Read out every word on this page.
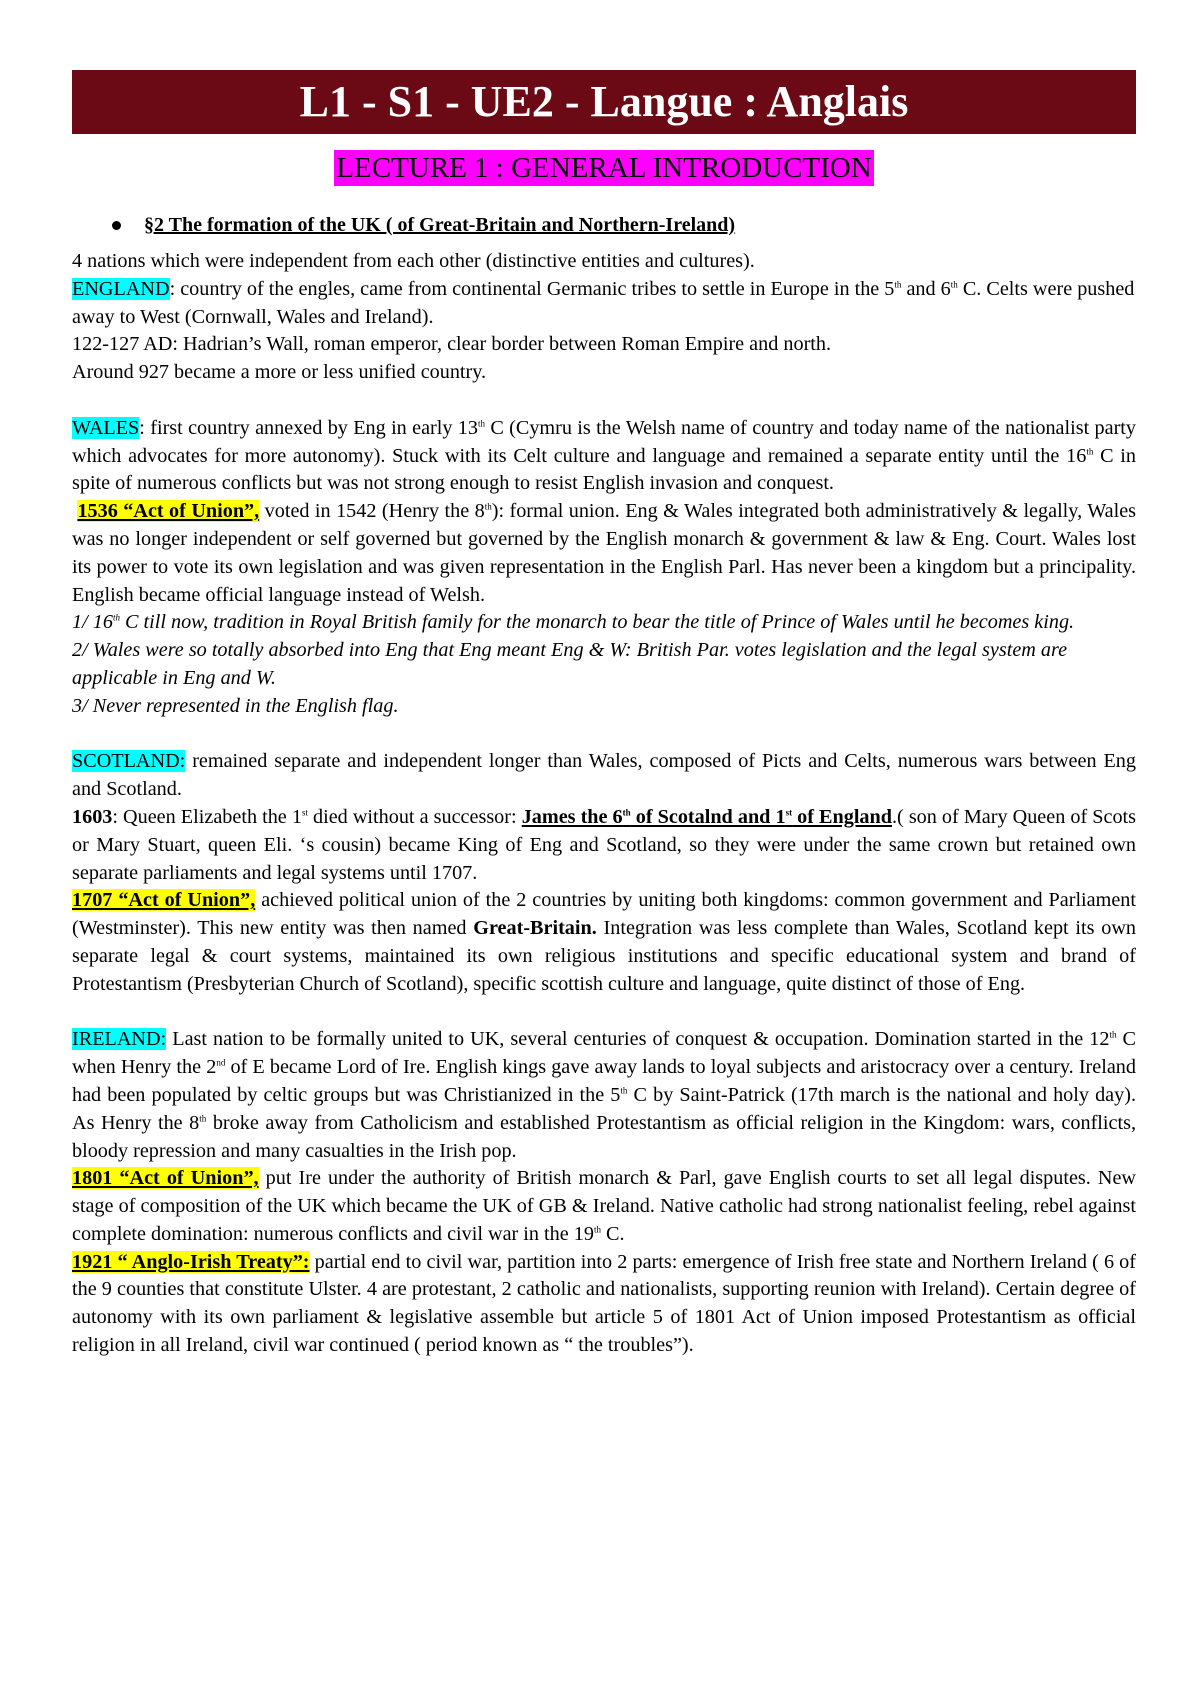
L1 - S1 - UE2 - Langue : Anglais
LECTURE 1 : GENERAL INTRODUCTION
§2 The formation of the UK ( of Great-Britain and Northern-Ireland)

4 nations which were independent from each other (distinctive entities and cultures).

ENGLAND: country of the engles, came from continental Germanic tribes to settle in Europe in the 5th and 6th C. Celts were pushed away to West (Cornwall, Wales and Ireland).

122-127 AD: Hadrian’s Wall, roman emperor, clear border between Roman Empire and north.

Around 927 became a more or less unified country.

WALES: first country annexed by Eng in early 13th C (Cymru is the Welsh name of country and today name of the nationalist party which advocates for more autonomy). Stuck with its Celt culture and language and remained a separate entity until the 16th C in spite of numerous conflicts but was not strong enough to resist English invasion and conquest.

1536 “Act of Union”, voted in 1542 (Henry the 8th): formal union. Eng & Wales integrated both administratively & legally, Wales was no longer independent or self governed but governed by the English monarch & government & law & Eng. Court. Wales lost its power to vote its own legislation and was given representation in the English Parl. Has never been a kingdom but a principality. English became official language instead of Welsh.

1/ 16th C till now, tradition in Royal British family for the monarch to bear the title of Prince of Wales until he becomes king.

2/ Wales were so totally absorbed into Eng that Eng meant Eng & W: British Par. votes legislation and the legal system are applicable in Eng and W.

3/ Never represented in the English flag.

SCOTLAND: remained separate and independent longer than Wales, composed of Picts and Celts, numerous wars between Eng and Scotland.

1603: Queen Elizabeth the 1st died without a successor: James the 6th of Scotalnd and 1st of England.( son of Mary Queen of Scots or Mary Stuart, queen Eli. ‘s cousin) became King of Eng and Scotland, so they were under the same crown but retained own separate parliaments and legal systems until 1707.

1707 “Act of Union”, achieved political union of the 2 countries by uniting both kingdoms: common government and Parliament (Westminster). This new entity was then named Great-Britain. Integration was less complete than Wales, Scotland kept its own separate legal & court systems, maintained its own religious institutions and specific educational system and brand of Protestantism (Presbyterian Church of Scotland), specific scottish culture and language, quite distinct of those of Eng.

IRELAND: Last nation to be formally united to UK, several centuries of conquest & occupation. Domination started in the 12th C when Henry the 2nd of E became Lord of Ire. English kings gave away lands to loyal subjects and aristocracy over a century. Ireland had been populated by celtic groups but was Christianized in the 5th C by Saint-Patrick (17th march is the national and holy day). As Henry the 8th broke away from Catholicism and established Protestantism as official religion in the Kingdom: wars, conflicts, bloody repression and many casualties in the Irish pop.

1801 “Act of Union”, put Ire under the authority of British monarch & Parl, gave English courts to set all legal disputes. New stage of composition of the UK which became the UK of GB & Ireland. Native catholic had strong nationalist feeling, rebel against complete domination: numerous conflicts and civil war in the 19th C.

1921 “ Anglo-Irish Treaty”: partial end to civil war, partition into 2 parts: emergence of Irish free state and Northern Ireland ( 6 of the 9 counties that constitute Ulster. 4 are protestant, 2 catholic and nationalists, supporting reunion with Ireland). Certain degree of autonomy with its own parliament & legislative assemble but article 5 of 1801 Act of Union imposed Protestantism as official religion in all Ireland, civil war continued ( period known as “ the troubles”).
